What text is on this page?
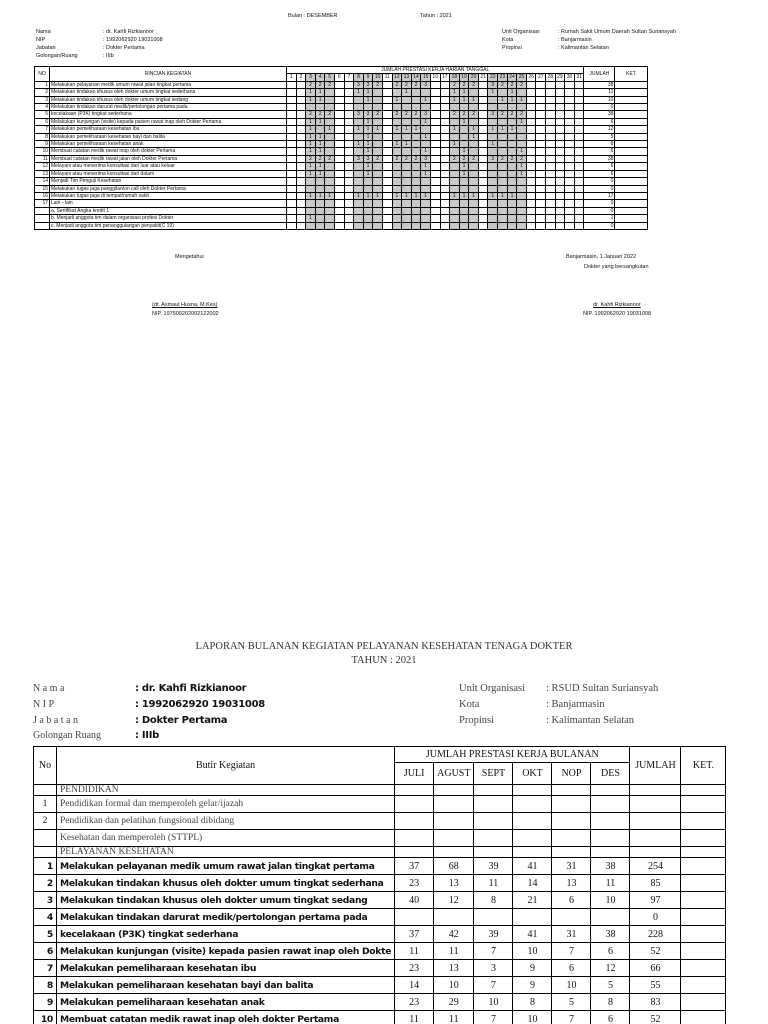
Bulan : DESEMBER	Tahun : 2021
Nama	: dr. Kahfi Rizkianoor
NIP	: 1992062920 19031008
Jabatan	: Dokter Pertama
Golongan/Ruang	: IIIb
Unit Organisasi	: Rumah Sakit Umum Daerah Sultan Suriansyah
Kota	: Banjarmasin
Propinsi	: Kalimantan Selatan
NO	RINCIAN KEGIATAN	JUMLAH PRESTASI KERJA HARIAN TANGGAL																															JUMLAH	KET.
		1	2	3	4	5	6	7	8	9	10	11	12	13	14	15	16	17	18	19	20	21	22	23	24	25	26	27	28	29	30	31		
1	Melakukan pelayanan medik umum rawat jalan tingkat pertama			2	2	2			3	3	2		2	2	2	3			2	2	2		3	2	2	2							38	
2	Melakukan tindakan khusus oleh dokter umum tingkat sederhana			1	1				1	1				1					1	1			1		1								11	
3	Melakukan tindakan khusus oleh dokter umum tingkat sedang			1	1					1			1			1			1	1	1			1	1	1							10	
4	Melakukan tindakan darurat medik/pertolongan pertama pada																																0	
5	kecelakaan (P3K) tingkat sederhana			2	2	2			3	3	2		2	2	2	3			2	2	2		3	2	2	2							38	
6	Melakukan kunjungan (visite) kepada pasien rawat inap oleh Dokter Pertama			1	1					1						1				1						1							6	
7	Melakukan pemeliharaan kesehatan ibu			1		1			1	1	1		1	1	1				1		1		1	1	1								12	
8	Melakukan pemeliharaan kesehatan bayi dan balita			1	1					1						1					1												5	
9	Melakukan pemeliharaan kesehatan anak			1	1				1	1			1	1					1				1										8	
10	Membuat catatan medik rawat inap oleh dokter Pertama			1	1					1						1				1						1							6	
11	Membuat catatan medik rawat jalan oleh Dokter Pertama			2	2	2			3	3	2		2	2	2	3			2	2	2		3	2	2	2							38	
12	Melayani atau menerima konsultasi dari luar atau keluar			1	1					1						1				1						1							6	
13	Melayani atau menerima konsultasi dari dalam			1	1					1						1				1						1							6	
14	Menjadi Tim Penguji Kesehatan																																0	
15	Melakukan tugas jaga panggilan/on call oleh Dokter Pertama																																0	
16	Melakukan tugas jaga di tempat/rumah sakit			1	1	1			1	1	1		1	1	1	1			1	1	1		1	1	1								17	
17	Lain - lain																																0	
	a. Sertifikat Angka kredit 1																																0	
	b. Menjadi anggota tim dalam organisasi profesi Dokter			1																													1	
	c. Menjadi anggota tim penanggulangan penyakit(C 19)																																0	
Mengetahui	Banjarmasin, 1 Januari 2022
Dokter yang bersangkutan
(dr. Asmaul Husna, M.Kes)
NIP. 197509202002122002
dr. Kahfi Rizkianoor
NIP. 1992062920 19031008
LAPORAN BULANAN KEGIATAN PELAYANAN KESEHATAN TENAGA DOKTER
TAHUN : 2021
N a m a	: dr. Kahfi Rizkianoor
N I P	: 1992062920 19031008
J a b a t a n	: Dokter Pertama
Golongan Ruang	: IIIb
Unit Organisasi : RSUD Sultan Suriansyah
Kota	: Banjarmasin
Propinsi	: Kalimantan Selatan
No	Butir Kegiatan	JUMLAH PRESTASI KERJA BULANAN						JUMLAH	KET.
		JULI	AGUST	SEPT	OKT	NOP	DES		
	PENDIDIKAN								
1	Pendidikan formal dan memperoleh gelar/ijazah								
2	Pendidikan dan pelatihan fungsional dibidang								
	Kesehatan dan memperoleh (STTPL)								
	PELAYANAN KESEHATAN								
1	Melakukan pelayanan medik umum rawat jalan tingkat pertama	37	68	39	41	31	38	254	
2	Melakukan tindakan khusus oleh dokter umum tingkat sederhana	23	13	11	14	13	11	85	
3	Melakukan tindakan khusus oleh dokter umum tingkat sedang	40	12	8	21	6	10	97	
4	Melakukan tindakan darurat medik/pertolongan pertama pada							0	
5	kecelakaan (P3K) tingkat sederhana	37	42	39	41	31	38	228	
6	Melakukan kunjungan (visite) kepada pasien rawat inap oleh Dokte	11	11	7	10	7	6	52	
7	Melakukan pemeliharaan kesehatan ibu	23	13	3	9	6	12	66	
8	Melakukan pemeliharaan kesehatan bayi dan balita	14	10	7	9	10	5	55	
9	Melakukan pemeliharaan kesehatan anak	23	29	10	8	5	8	83	
10	Membuat catatan medik rawat inap oleh dokter Pertama	11	11	7	10	7	6	52	
